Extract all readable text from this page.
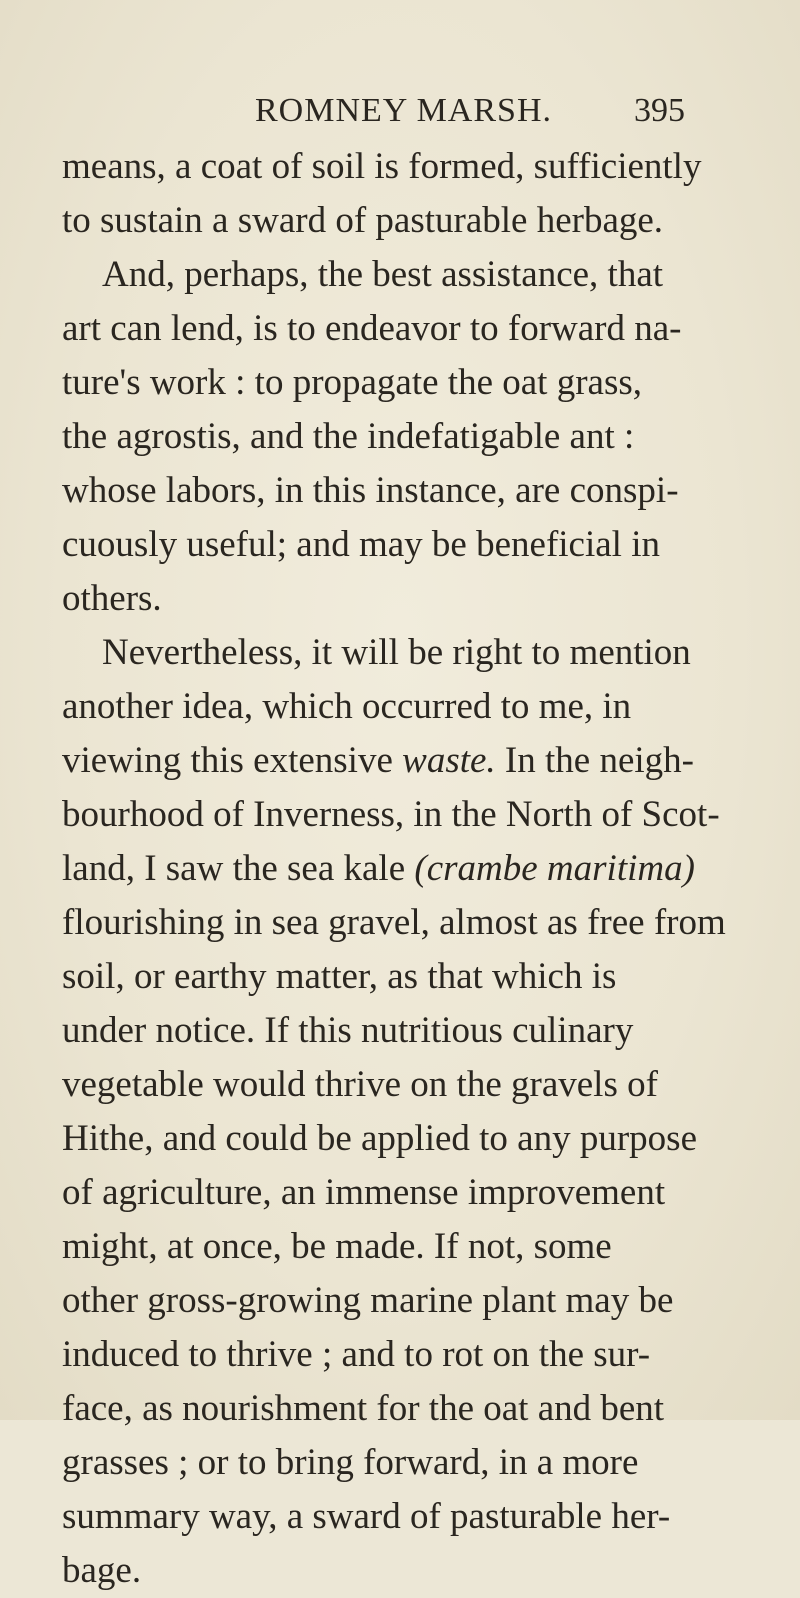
ROMNEY MARSH. 395
means, a coat of soil is formed, sufficiently
to sustain a sward of pasturable herbage.
And, perhaps, the best assistance, that
art can lend, is to endeavor to forward na-
ture's work : to propagate the oat grass,
the agrostis, and the indefatigable ant :
whose labors, in this instance, are conspi-
cuously useful; and may be beneficial in
others.
Nevertheless, it will be right to mention
another idea, which occurred to me, in
viewing this extensive waste. In the neigh-
bourhood of Inverness, in the North of Scot-
land, I saw the sea kale (crambe maritima)
flourishing in sea gravel, almost as free from
soil, or earthy matter, as that which is
under notice. If this nutritious culinary
vegetable would thrive on the gravels of
Hithe, and could be applied to any purpose
of agriculture, an immense improvement
might, at once, be made. If not, some
other gross-growing marine plant may be
induced to thrive ; and to rot on the sur-
face, as nourishment for the oat and bent
grasses ; or to bring forward, in a more
summary way, a sward of pasturable her-
bage.
